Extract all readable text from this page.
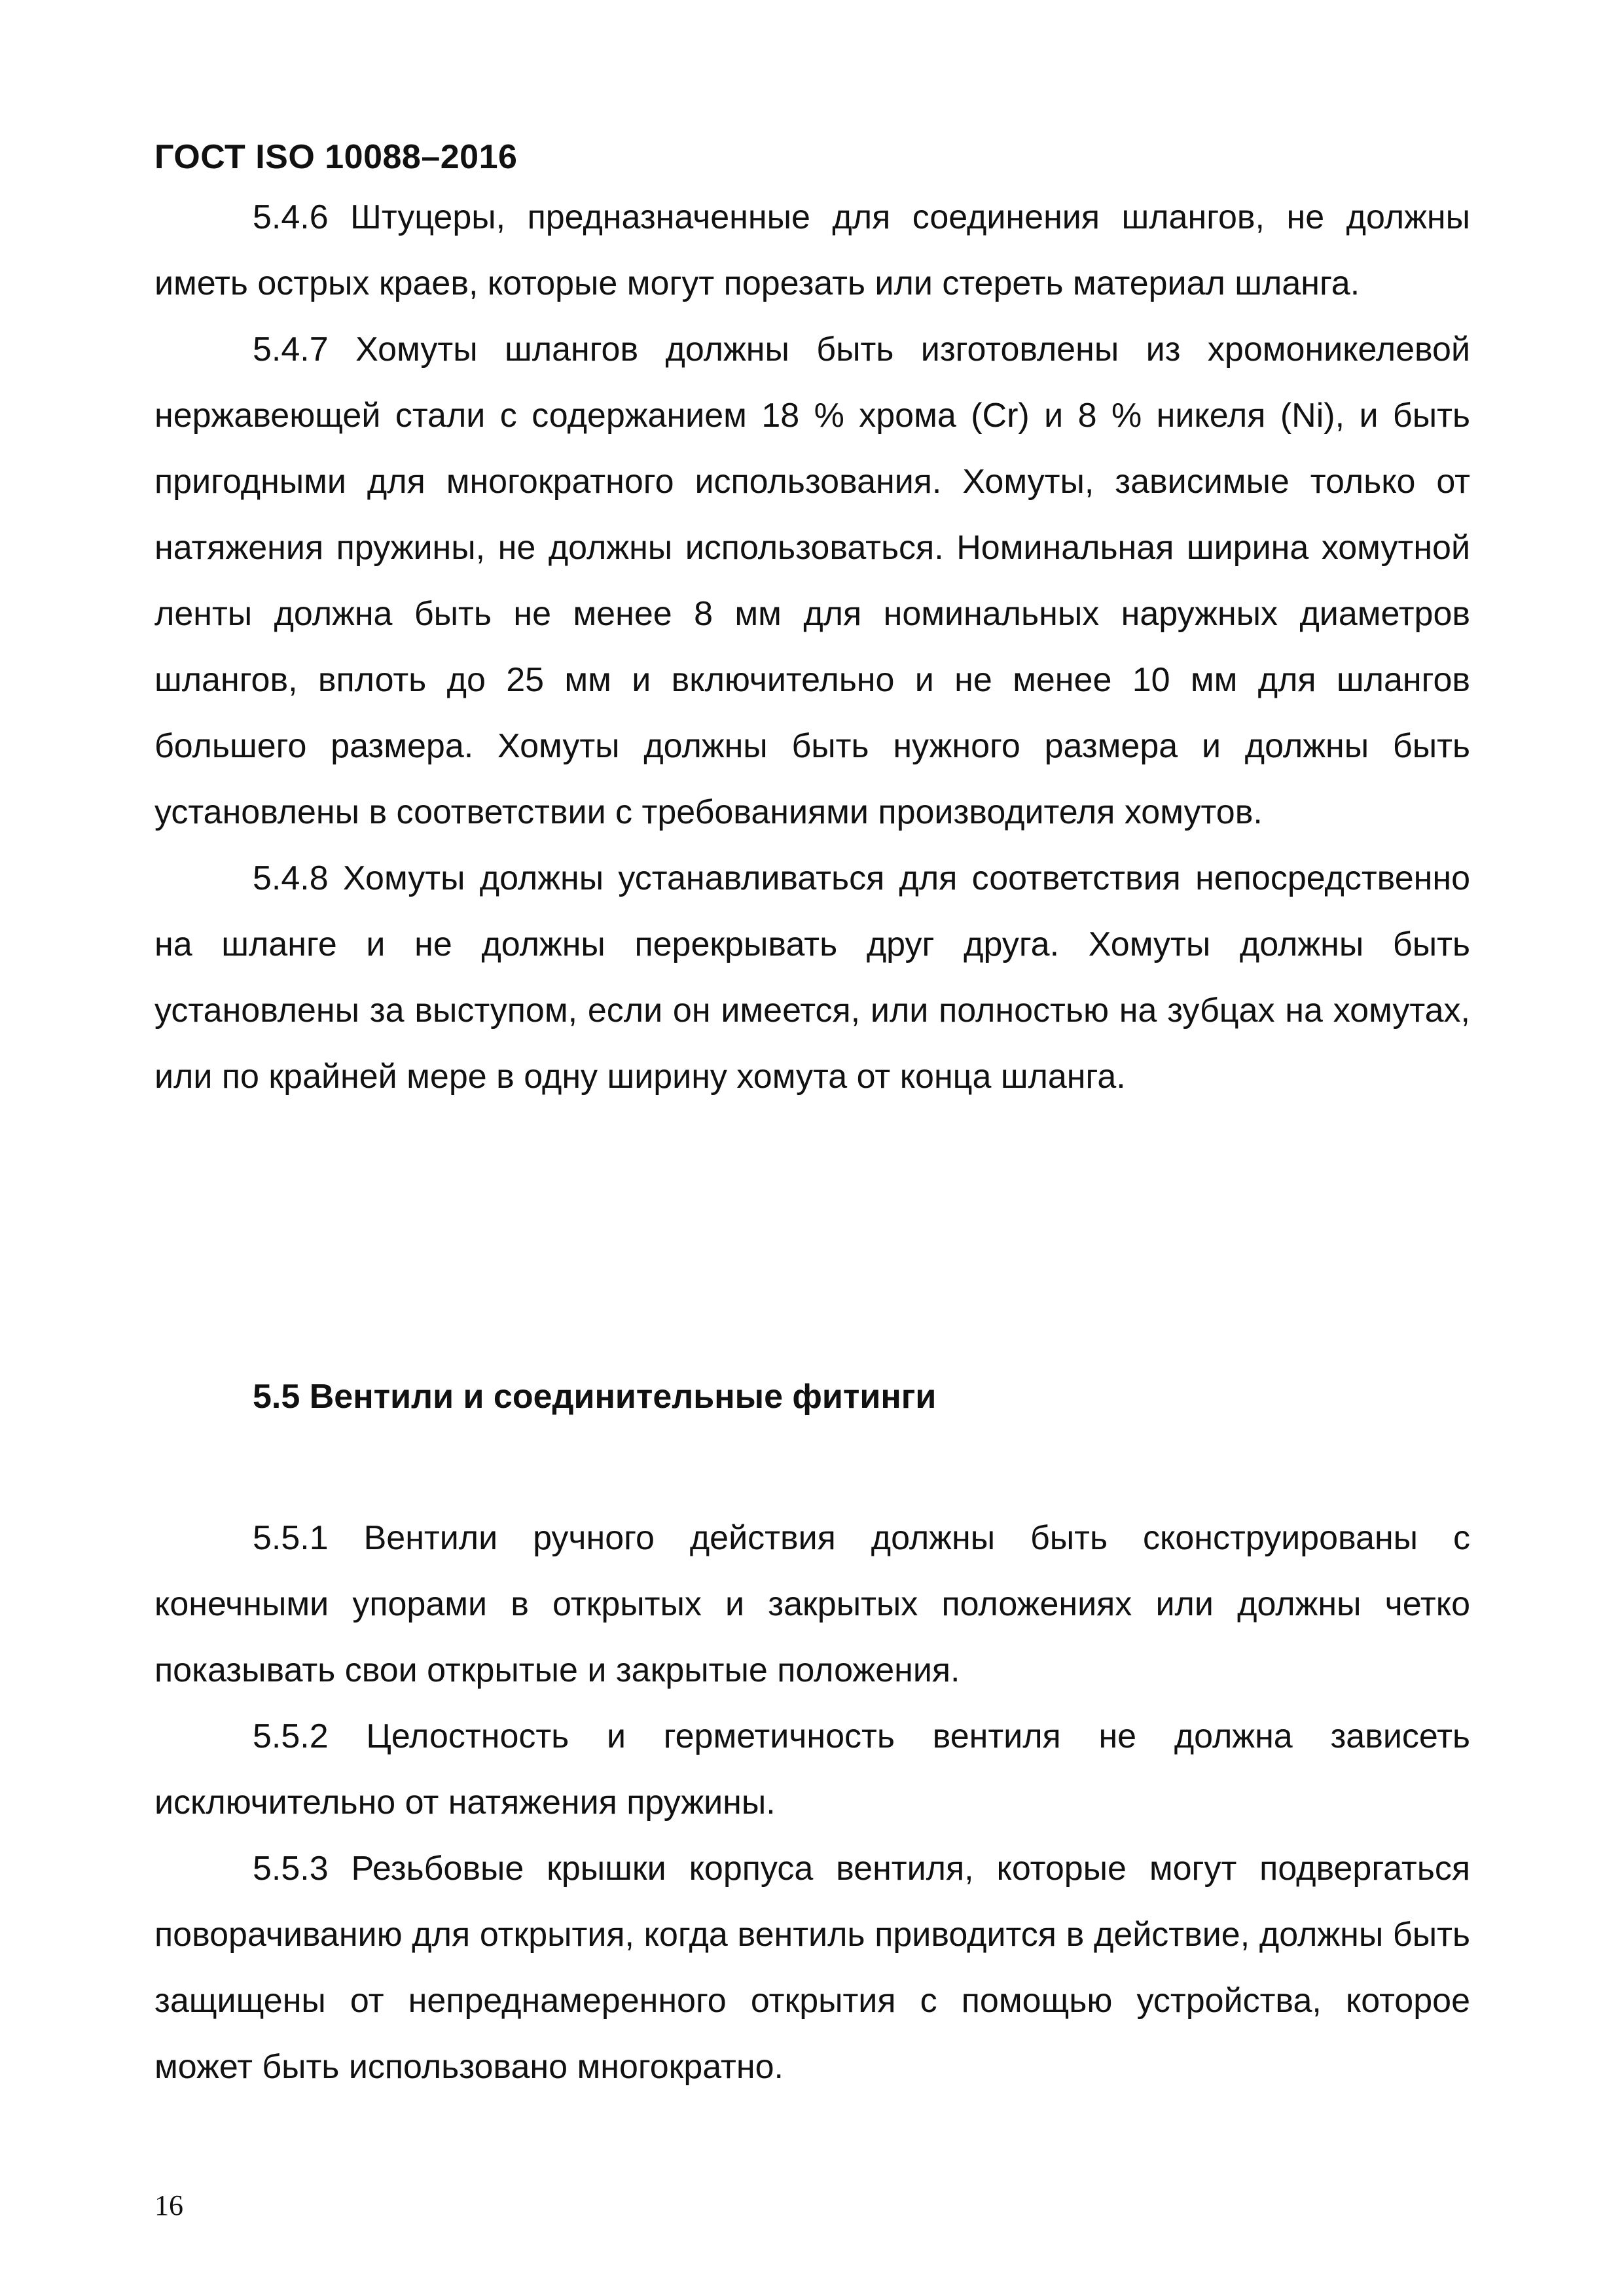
ГОСТ ISO 10088–2016

5.4.6 Штуцеры, предназначенные для соединения шлангов, не должны иметь острых краев, которые могут порезать или стереть материал шланга.

5.4.7 Хомуты шлангов должны быть изготовлены из хромоникелевой нержавеющей стали с содержанием 18 % хрома (Cr) и 8 % никеля (Ni), и быть пригодными для многократного использования. Хомуты, зависимые только от натяжения пружины, не должны использоваться. Номинальная ширина хомутной ленты должна быть не менее 8 мм для номинальных наружных диаметров шлангов, вплоть до 25 мм и включительно и не менее 10 мм для шлангов большего размера. Хомуты должны быть нужного размера и должны быть установлены в соответствии с требованиями производителя хомутов.

5.4.8 Хомуты должны устанавливаться для соответствия непосредственно на шланге и не должны перекрывать друг друга. Хомуты должны быть установлены за выступом, если он имеется, или полностью на зубцах на хомутах, или по крайней мере в одну ширину хомута от конца шланга.

5.5 Вентили и соединительные фитинги

5.5.1 Вентили ручного действия должны быть сконструированы с конечными упорами в открытых и закрытых положениях или должны четко показывать свои открытые и закрытые положения.

5.5.2 Целостность и герметичность вентиля не должна зависеть исключительно от натяжения пружины.

5.5.3 Резьбовые крышки корпуса вентиля, которые могут подвергаться поворачиванию для открытия, когда вентиль приводится в действие, должны быть защищены от непреднамеренного открытия с помощью устройства, которое может быть использовано многократно.

16
